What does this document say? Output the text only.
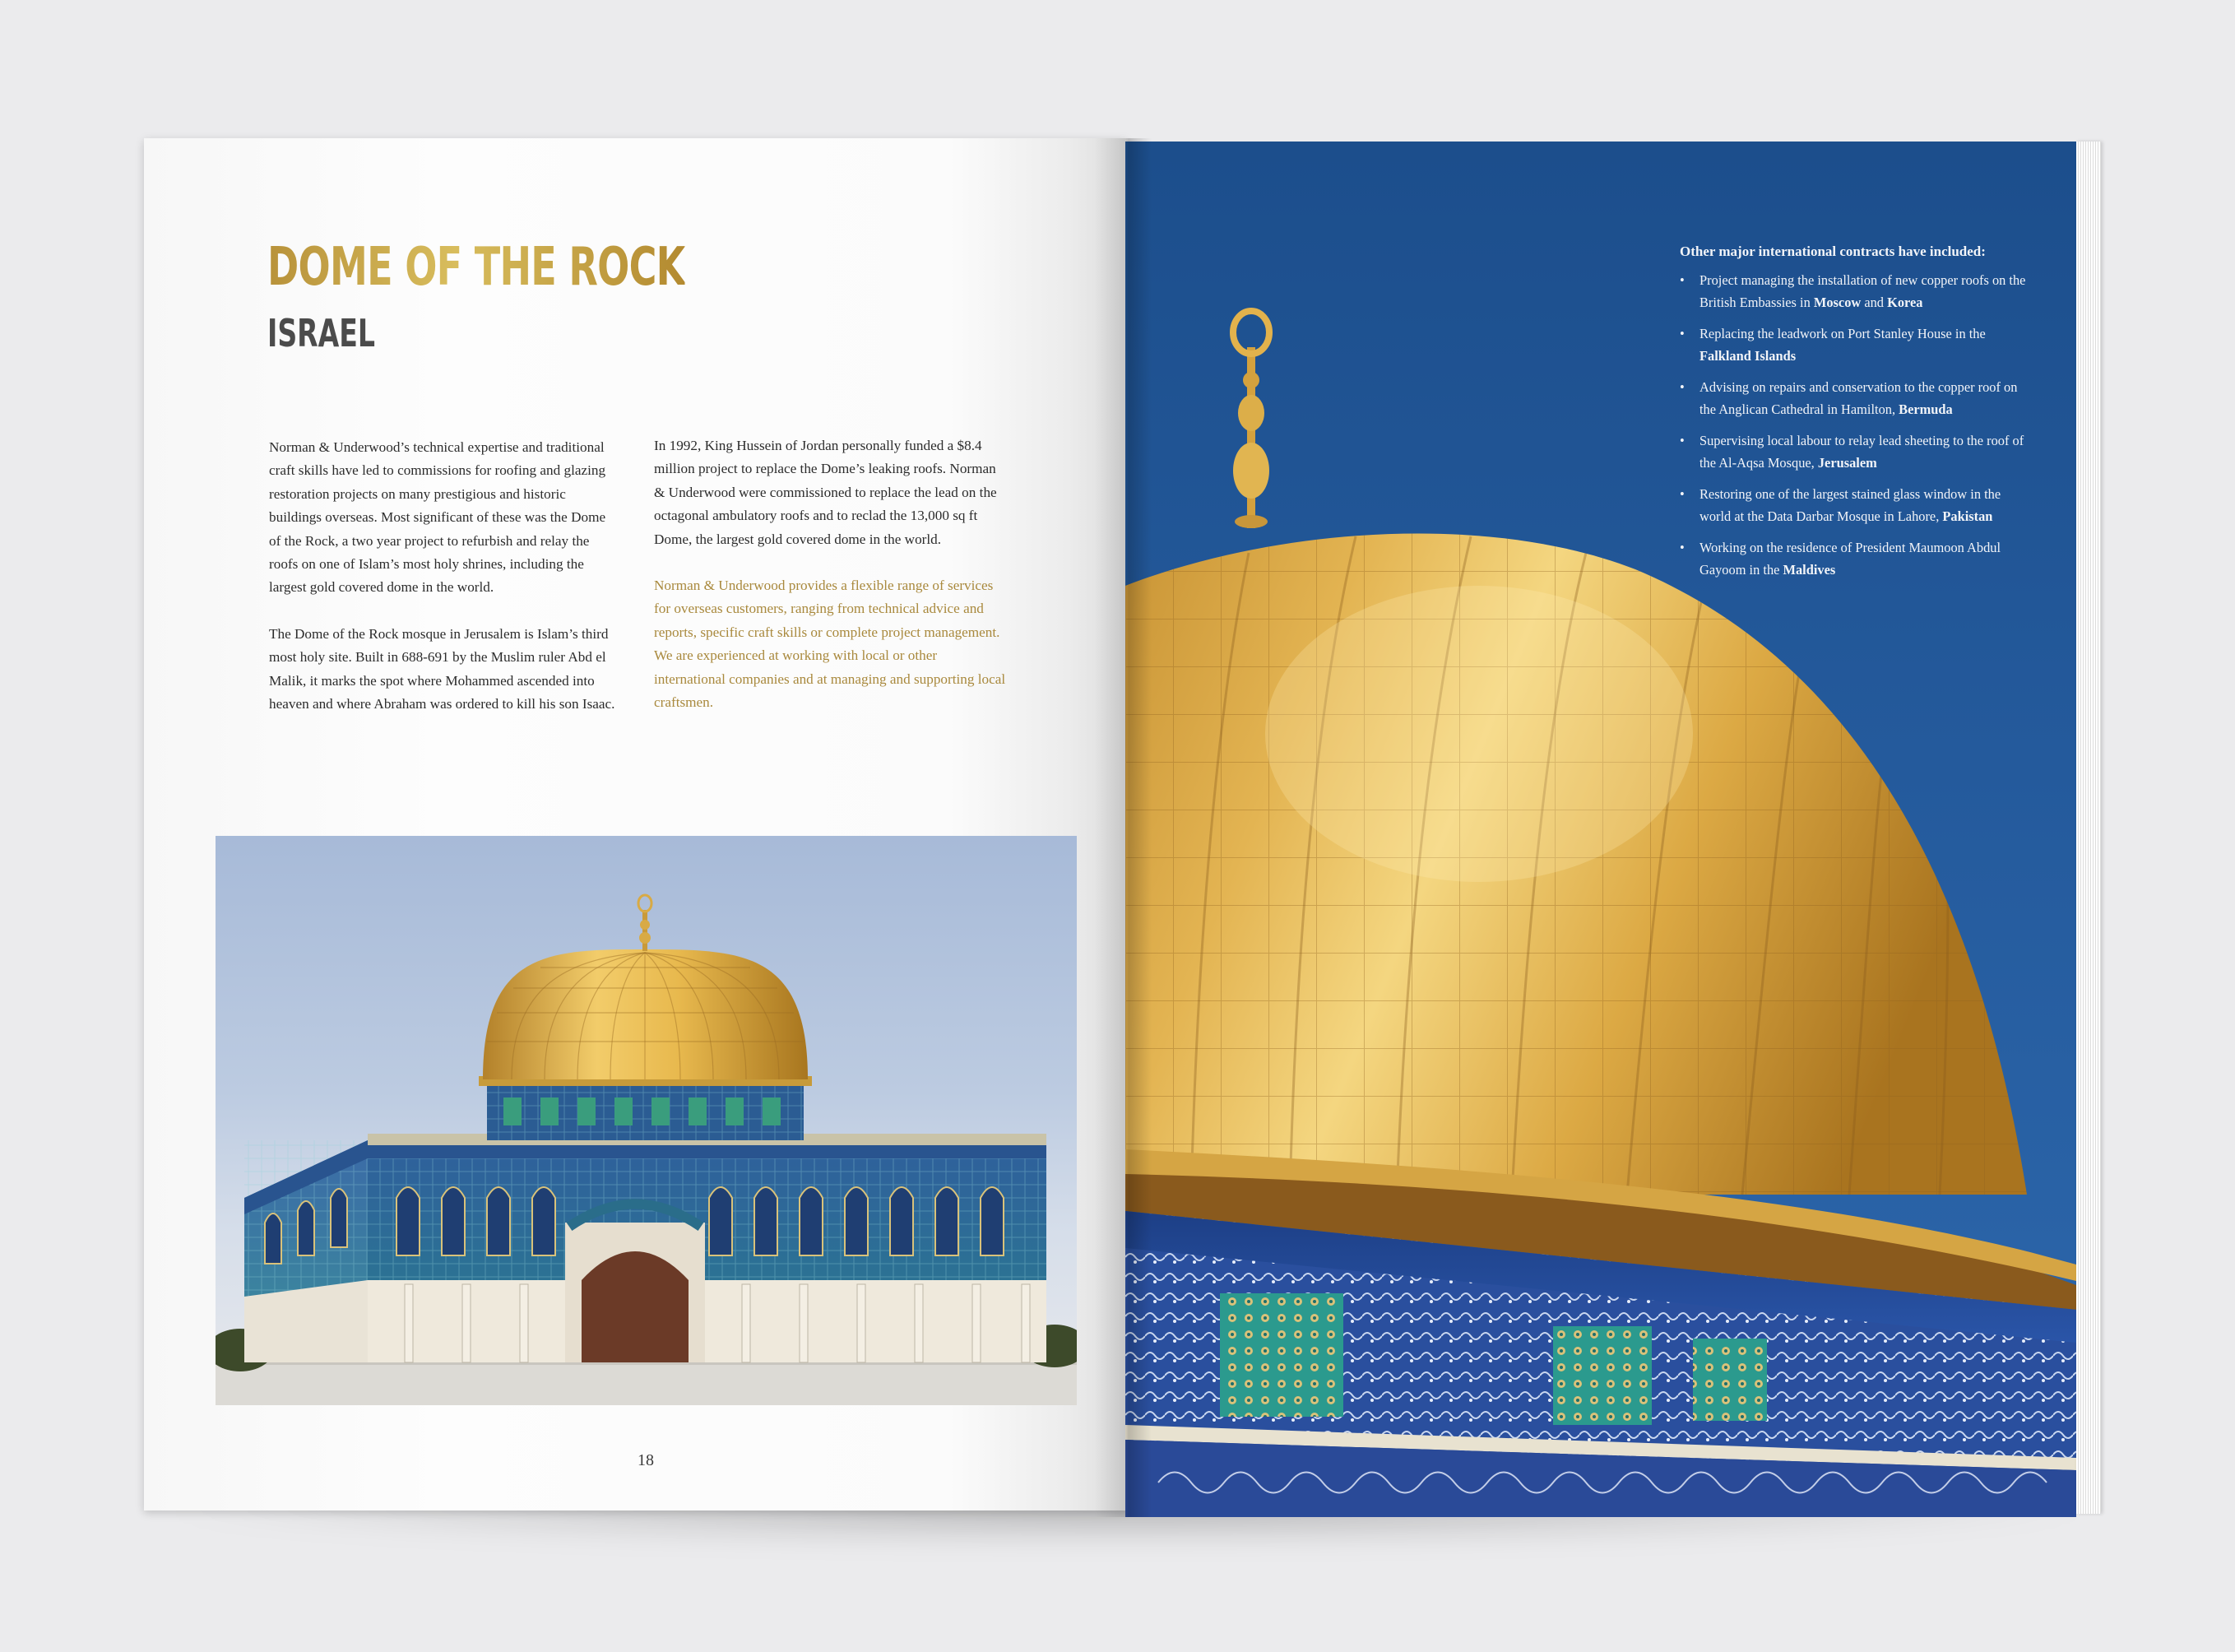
DOME OF THE ROCK
ISRAEL

Norman & Underwood’s technical expertise and traditional craft skills have led to commissions for roofing and glazing restoration projects on many prestigious and historic buildings overseas. Most significant of these was the Dome of the Rock, a two year project to refurbish and relay the roofs on one of Islam’s most holy shrines, including the largest gold covered dome in the world.

The Dome of the Rock mosque in Jerusalem is Islam’s third most holy site. Built in 688-691 by the Muslim ruler Abd el Malik, it marks the spot where Mohammed ascended into heaven and where Abraham was ordered to kill his son Isaac.

In 1992, King Hussein of Jordan personally funded a $8.4 million project to replace the Dome’s leaking roofs. Norman & Underwood were commissioned to replace the lead on the octagonal ambulatory roofs and to reclad the 13,000 sq ft Dome, the largest gold covered dome in the world.

Norman & Underwood provides a flexible range of services for overseas customers, ranging from technical advice and reports, specific craft skills or complete project management. We are experienced at working with local or other international companies and at managing and supporting local craftsmen.

18
Other major international contracts have included:
• Project managing the installation of new copper roofs on the British Embassies in Moscow and Korea
• Replacing the leadwork on Port Stanley House in the Falkland Islands
• Advising on repairs and conservation to the copper roof on the Anglican Cathedral in Hamilton, Bermuda
• Supervising local labour to relay lead sheeting to the roof of the Al-Aqsa Mosque, Jerusalem
• Restoring one of the largest stained glass window in the world at the Data Darbar Mosque in Lahore, Pakistan
• Working on the residence of President Maumoon Abdul Gayoom in the Maldives
